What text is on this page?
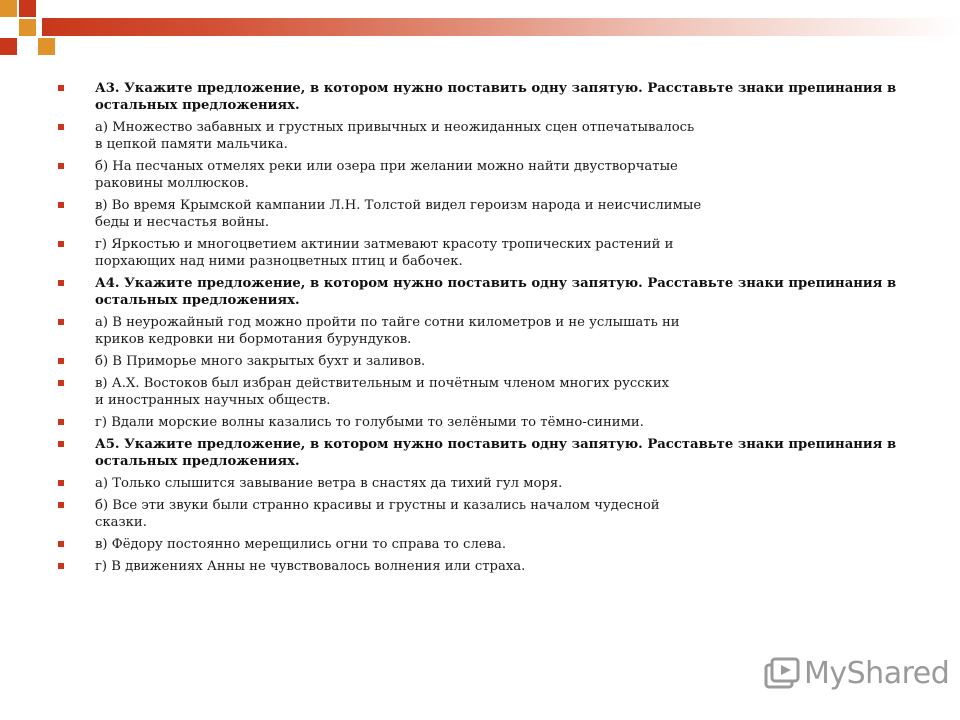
А3. Укажите предложение, в котором нужно поставить одну запятую. Расставьте знаки препинания в остальных предложениях.
а) Множество забавных и грустных привычных и неожиданных сцен отпечатывалось
в цепкой памяти мальчика.
б) На песчаных отмелях реки или озера при желании можно найти двустворчатые
раковины моллюсков.
в) Во время Крымской кампании Л.Н. Толстой видел героизм народа и неисчислимые
беды и несчастья войны.
г) Яркостью и многоцветием актинии затмевают красоту тропических растений и
порхающих над ними разноцветных птиц и бабочек.
А4. Укажите предложение, в котором нужно поставить одну запятую. Расставьте знаки препинания в остальных предложениях.
а) В неурожайный год можно пройти по тайге сотни километров и не услышать ни
криков кедровки ни бормотания бурундуков.
б) В Приморье много закрытых бухт и заливов.
в) А.Х. Востоков был избран действительным и почётным членом многих русских
и иностранных научных обществ.
г) Вдали морские волны казались то голубыми то зелёными то тёмно-синими.
А5. Укажите предложение, в котором нужно поставить одну запятую. Расставьте знаки препинания в остальных предложениях.
а) Только слышится завывание ветра в снастях да тихий гул моря.
б) Все эти звуки были странно красивы и грустны и казались началом чудесной
сказки.
в) Фёдору постоянно мерещились огни то справа то слева.
г) В движениях Анны не чувствовалось волнения или страха.
MyShared
